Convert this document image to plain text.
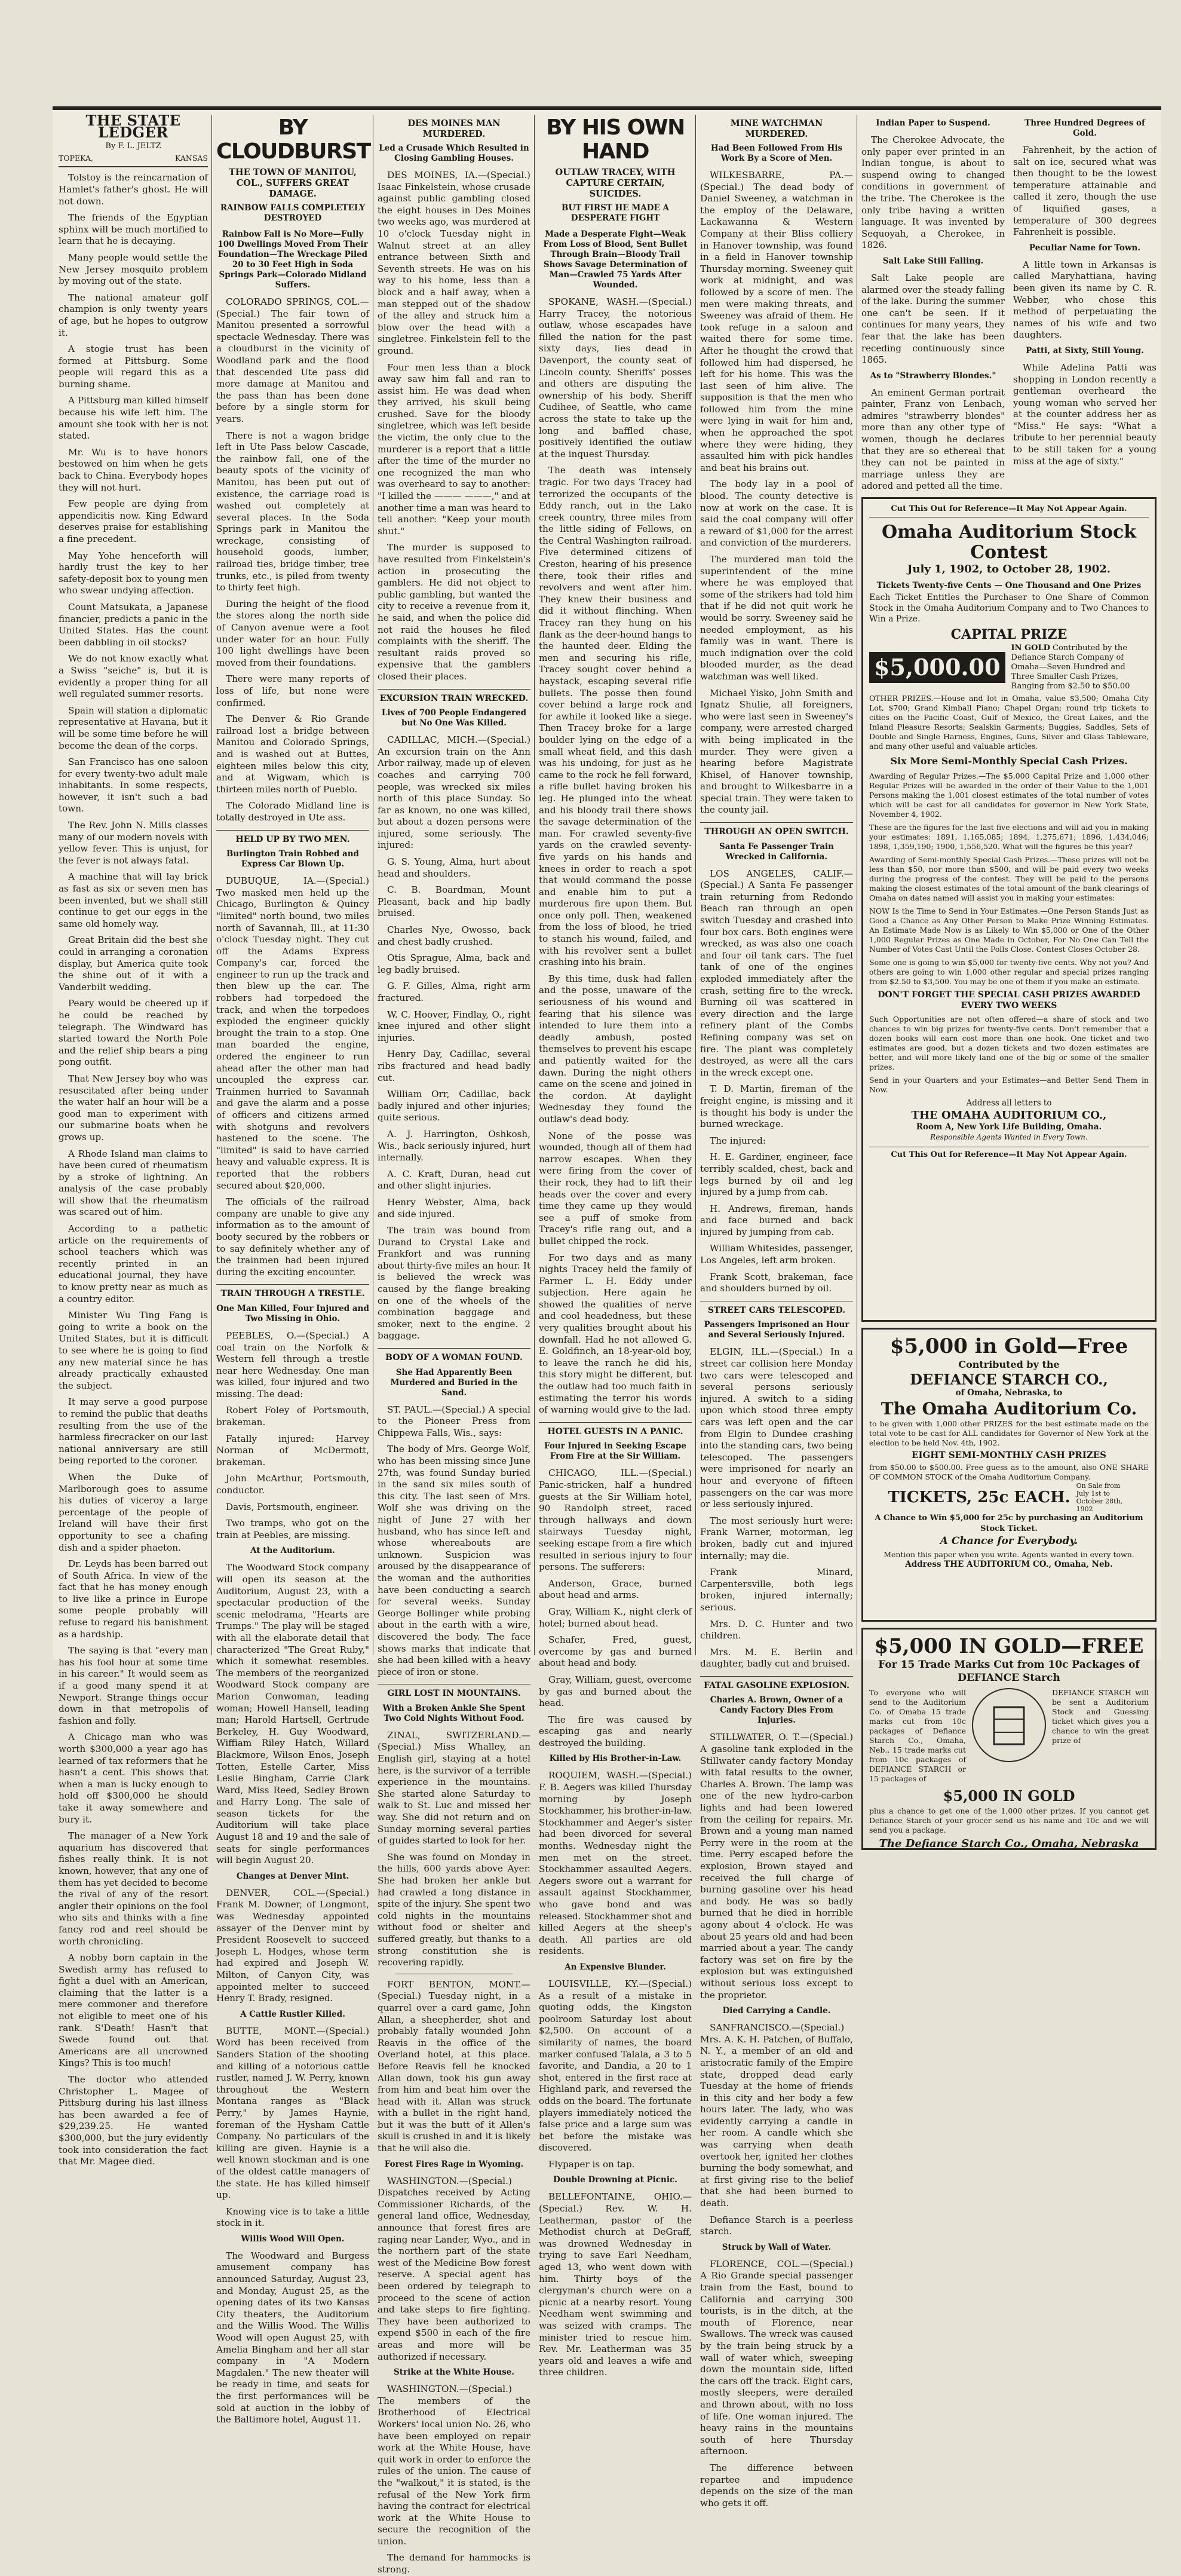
THE STATE LEDGER
By F. L. JELTZ
TOPEKA,	KANSAS

Tolstoy is the reincarnation of Hamlet's father's ghost. He will not down.

The friends of the Egyptian sphinx will be much mortified to learn that he is decaying.

Many people would settle the New Jersey mosquito problem by moving out of the state.

The national amateur golf champion is only twenty years of age, but he hopes to outgrow it.

A stogie trust has been formed at Pittsburg. Some people will regard this as a burning shame.

A Pittsburg man killed himself because his wife left him. The amount she took with her is not stated.

Mr. Wu is to have honors bestowed on him when he gets back to China. Everybody hopes they will not hurt.

Few people are dying from appendicitis now. King Edward deserves praise for establishing a fine precedent.

May Yohe henceforth will hardly trust the key to her safety-deposit box to young men who swear undying affection.

Count Matsukata, a Japanese financier, predicts a panic in the United States. Has the count been dabbling in oil stocks?

We do not know exactly what a Swiss "seiche" is, but it is evidently a proper thing for all well regulated summer resorts.

Spain will station a diplomatic representative at Havana, but it will be some time before he will become the dean of the corps.

San Francisco has one saloon for every twenty-two adult male inhabitants. In some respects, however, it isn't such a bad town.

The Rev. John N. Mills classes many of our modern novels with yellow fever. This is unjust, for the fever is not always fatal.

A machine that will lay brick as fast as six or seven men has been invented, but we shall still continue to get our eggs in the same old homely way.

Great Britain did the best she could in arranging a coronation display, but America quite took the shine out of it with a Vanderbilt wedding.

Peary would be cheered up if he could be reached by telegraph. The Windward has started toward the North Pole and the relief ship bears a ping pong outfit.

That New Jersey boy who was resuscitated after being under the water half an hour will be a good man to experiment with our submarine boats when he grows up.

A Rhode Island man claims to have been cured of rheumatism by a stroke of lightning. An analysis of the case probably will show that the rheumatism was scared out of him.

According to a pathetic article on the requirements of school teachers which was recently printed in an educational journal, they have to know pretty near as much as a country editor.

Minister Wu Ting Fang is going to write a book on the United States, but it is difficult to see where he is going to find any new material since he has already practically exhausted the subject.

It may serve a good purpose to remind the public that deaths resulting from the use of the harmless firecracker on our last national anniversary are still being reported to the coroner.

When the Duke of Marlborough goes to assume his duties of viceroy a large percentage of the people of Ireland will have their first opportunity to see a chafing dish and a spider phaeton.

Dr. Leyds has been barred out of South Africa. In view of the fact that he has money enough to live like a prince in Europe some people probably will refuse to regard his banishment as a hardship.

The saying is that "every man has his fool hour at some time in his career." It would seem as if a good many spend it at Newport. Strange things occur down in that metropolis of fashion and folly.

A Chicago man who was worth $300,000 a year ago has learned of tax reformers that he hasn't a cent. This shows that when a man is lucky enough to hold off $300,000 he should take it away somewhere and bury it.

The manager of a New York aquarium has discovered that fishes really think. It is not known, however, that any one of them has yet decided to become the rival of any of the resort angler their opinions on the fool who sits and thinks with a fine fancy rod and reel should be worth chronicling.

A nobby born captain in the Swedish army has refused to fight a duel with an American, claiming that the latter is a mere commoner and therefore not eligible to meet one of his rank. S'Death! Hasn't that Swede found out that Americans are all uncrowned Kings? This is too much!

The doctor who attended Christopher L. Magee of Pittsburg during his last illness has been awarded a fee of $29,239.25. He wanted $300,000, but the jury evidently took into consideration the fact that Mr. Magee died.

BY CLOUDBURST
THE TOWN OF MANITOU, COL., SUFFERS GREAT DAMAGE.
RAINBOW FALLS COMPLETELY DESTROYED
Rainbow Fall is No More—Fully 100 Dwellings Moved From Their Foundation—The Wreckage Piled 20 to 30 Feet High in Soda Springs Park—Colorado Midland Suffers.

COLORADO SPRINGS, COL.—(Special.) The fair town of Manitou presented a sorrowful spectacle Wednesday. There was a cloudburst in the vicinity of Woodland park and the flood that descended Ute pass did more damage at Manitou and the pass than has been done before by a single storm for years.

There is not a wagon bridge left in Ute Pass below Cascade, the rainbow fall, one of the beauty spots of the vicinity of Manitou, has been put out of existence, the carriage road is washed out completely at several places. In the Soda Springs park in Manitou the wreckage, consisting of household goods, lumber, railroad ties, bridge timber, tree trunks, etc., is piled from twenty to thirty feet high.

During the height of the flood the stores along the north side of Canyon avenue were a foot under water for an hour. Fully 100 light dwellings have been moved from their foundations.

There were many reports of loss of life, but none were confirmed.

The Denver & Rio Grande railroad lost a bridge between Manitou and Colorado Springs, and is washed out at Buttes, eighteen miles below this city, and at Wigwam, which is thirteen miles north of Pueblo.

The Colorado Midland line is totally destroyed in Ute ass.

HELD UP BY TWO MEN.
Burlington Train Robbed and Express Car Blown Up.

DUBUQUE, IA.—(Special.) Two masked men held up the Chicago, Burlington & Quincy "limited" north bound, two miles north of Savannah, Ill., at 11:30 o'clock Tuesday night. They cut off the Adams Express Company's car, forced the engineer to run up the track and then blew up the car. The robbers had torpedoed the track, and when the torpedoes exploded the engineer quickly brought the train to a stop. One man boarded the engine, ordered the engineer to run ahead after the other man had uncoupled the express car. Trainmen hurried to Savannah and gave the alarm and a posse of officers and citizens armed with shotguns and revolvers hastened to the scene. The "limited" is said to have carried heavy and valuable express. It is reported that the robbers secured about $20,000.

The officials of the railroad company are unable to give any information as to the amount of booty secured by the robbers or to say definitely whether any of the trainmen had been injured during the exciting encounter.

TRAIN THROUGH A TRESTLE.
One Man Killed, Four Injured and Two Missing in Ohio.

PEEBLES, O.—(Special.) A coal train on the Norfolk & Western fell through a trestle near here Wednesday. One man was killed, four injured and two missing. The dead:

Robert Foley of Portsmouth, brakeman.

Fatally injured: Harvey Norman of McDermott, brakeman.

John McArthur, Portsmouth, conductor.

Davis, Portsmouth, engineer.

Two tramps, who got on the train at Peebles, are missing.

At the Auditorium.

The Woodward Stock company will open its season at the Auditorium, August 23, with a spectacular production of the scenic melodrama, "Hearts are Trumps." The play will be staged with all the elaborate detail that characterized "The Great Ruby," which it somewhat resembles. The members of the reorganized Woodward Stock company are Marion Conwoman, leading woman; Howell Hansell, leading man; Harold Hartsell, Gertrude Berkeley, H. Guy Woodward, Wiffiam Riley Hatch, Willard Blackmore, Wilson Enos, Joseph Totten, Estelle Carter, Miss Leslie Bingham, Carrie Clark Ward, Miss Reed, Sedley Brown and Harry Long. The sale of season tickets for the Auditorium will take place August 18 and 19 and the sale of seats for single performances will begin August 20.

Changes at Denver Mint.

DENVER, COL.—(Special.) Frank M. Downer, of Longmont, was Wednesday appointed assayer of the Denver mint by President Roosevelt to succeed Joseph L. Hodges, whose term had expired and Joseph W. Milton, of Canyon City, was appointed melter to succeed Henry T. Brady, resigned.

A Cattle Rustler Killed.

BUTTE, MONT.—(Special.) Word has been received from Sanders Station of the shooting and killing of a notorious cattle rustler, named J. W. Perry, known throughout the Western Montana ranges as "Black Perry," by James Haynie, foreman of the Hysham Cattle Company. No particulars of the killing are given. Haynie is a well known stockman and is one of the oldest cattle managers of the state. He has killed himself up.

Knowing vice is to take a little stock in it.

Willis Wood Will Open.

The Woodward and Burgess amusement company has announced Saturday, August 23, and Monday, August 25, as the opening dates of its two Kansas City theaters, the Auditorium and the Willis Wood. The Willis Wood will open August 25, with Amelia Bingham and her all star company in "A Modern Magdalen." The new theater will be ready in time, and seats for the first performances will be sold at auction in the lobby of the Baltimore hotel, August 11.

DES MOINES MAN MURDERED.
Led a Crusade Which Resulted in Closing Gambling Houses.

DES MOINES, IA.—(Special.) Isaac Finkelstein, whose crusade against public gambling closed the eight houses in Des Moines two weeks ago, was murdered at 10 o'clock Tuesday night in Walnut street at an alley entrance between Sixth and Seventh streets. He was on his way to his home, less than a block and a half away, when a man stepped out of the shadow of the alley and struck him a blow over the head with a singletree. Finkelstein fell to the ground.

Four men less than a block away saw him fall and ran to assist him. He was dead when they arrived, his skull being crushed. Save for the bloody singletree, which was left beside the victim, the only clue to the murderer is a report that a little after the time of the murder no one recognized the man who was overheard to say to another: "I killed the ——— ———," and at another time a man was heard to tell another: "Keep your mouth shut."

The murder is supposed to have resulted from Finkelstein's action in prosecuting the gamblers. He did not object to public gambling, but wanted the city to receive a revenue from it, he said, and when the police did not raid the houses he filed complaints with the sheriff. The resultant raids proved so expensive that the gamblers closed their places.

EXCURSION TRAIN WRECKED.
Lives of 700 People Endangered but No One Was Killed.

CADILLAC, MICH.—(Special.) An excursion train on the Ann Arbor railway, made up of eleven coaches and carrying 700 people, was wrecked six miles north of this place Sunday. So far as known, no one was killed, but about a dozen persons were injured, some seriously. The injured:

G. S. Young, Alma, hurt about head and shoulders.

C. B. Boardman, Mount Pleasant, back and hip badly bruised.

Charles Nye, Owosso, back and chest badly crushed.

Otis Sprague, Alma, back and leg badly bruised.

G. F. Gilles, Alma, right arm fractured.

W. C. Hoover, Findlay, O., right knee injured and other slight injuries.

Henry Day, Cadillac, several ribs fractured and head badly cut.

William Orr, Cadillac, back badly injured and other injuries; quite serious.

A. J. Harrington, Oshkosh, Wis., back seriously injured, hurt internally.

A. C. Kraft, Duran, head cut and other slight injuries.

Henry Webster, Alma, back and side injured.

The train was bound from Durand to Crystal Lake and Frankfort and was running about thirty-five miles an hour. It is believed the wreck was caused by the flange breaking on one of the wheels of the combination baggage and smoker, next to the engine. 2 baggage.

BODY OF A WOMAN FOUND.
She Had Apparently Been Murdered and Buried in the Sand.

ST. PAUL.—(Special.) A special to the Pioneer Press from Chippewa Falls, Wis., says:

The body of Mrs. George Wolf, who has been missing since June 27th, was found Sunday buried in the sand six miles south of this city. The last seen of Mrs. Wolf she was driving on the night of June 27 with her husband, who has since left and whose whereabouts are unknown. Suspicion was aroused by the disappearance of the woman and the authorities have been conducting a search for several weeks. Sunday George Bollinger while probing about in the earth with a wire, discovered the body. The face shows marks that indicate that she had been killed with a heavy piece of iron or stone.

GIRL LOST IN MOUNTAINS.
With a Broken Ankle She Spent Two Cold Nights Without Food.

ZINAL, SWITZERLAND.—(Special.) Miss Whalley, an English girl, staying at a hotel here, is the survivor of a terrible experience in the mountains. She started alone Saturday to walk to St. Luc and missed her way. She did not return and on Sunday morning several parties of guides started to look for her.

She was found on Monday in the hills, 600 yards above Ayer. She had broken her ankle but had crawled a long distance in spite of the injury. She spent two cold nights in the mountains without food or shelter and suffered greatly, but thanks to a strong constitution she is recovering rapidly.

FORT BENTON, MONT.—(Special.) Tuesday night, in a quarrel over a card game, John Allan, a sheepherder, shot and probably fatally wounded John Reavis in the office of the Overland hotel, at this place. Before Reavis fell he knocked Allan down, took his gun away from him and beat him over the head with it. Allan was struck with a bullet in the right hand, but it was the butt of it Allen's skull is crushed in and it is likely that he will also die.

Forest Fires Rage in Wyoming.

WASHINGTON.—(Special.) Dispatches received by Acting Commissioner Richards, of the general land office, Wednesday, announce that forest fires are raging near Lander, Wyo., and in the northern part of the state west of the Medicine Bow forest reserve. A special agent has been ordered by telegraph to proceed to the scene of action and take steps to fire fighting. They have been authorized to expend $500 in each of the fire areas and more will be authorized if necessary.

Strike at the White House.

WASHINGTON.—(Special.) The members of the Brotherhood of Electrical Workers' local union No. 26, who have been employed on repair work at the White House, have quit work in order to enforce the rules of the union. The cause of the "walkout," it is stated, is the refusal of the New York firm having the contract for electrical work at the White House to secure the recognition of the union.

The demand for hammocks is strong.

BY HIS OWN HAND
OUTLAW TRACEY, WITH CAPTURE CERTAIN, SUICIDES.
BUT FIRST HE MADE A DESPERATE FIGHT
Made a Desperate Fight—Weak From Loss of Blood, Sent Bullet Through Brain—Bloody Trail Shows Savage Determination of Man—Crawled 75 Yards After Wounded.

SPOKANE, WASH.—(Special.) Harry Tracey, the notorious outlaw, whose escapades have filled the nation for the past sixty days, lies dead in Davenport, the county seat of Lincoln county. Sheriffs' posses and others are disputing the ownership of his body. Sheriff Cudihee, of Seattle, who came across the state to take up the long and baffled chase, positively identified the outlaw at the inquest Thursday.

The death was intensely tragic. For two days Tracey had terrorized the occupants of the Eddy ranch, out in the Lako creek country, three miles from the little siding of Fellows, on the Central Washington railroad. Five determined citizens of Creston, hearing of his presence there, took their rifles and revolvers and went after him. They knew their business and did it without flinching. When Tracey ran they hung on his flank as the deer-hound hangs to the haunted deer. Elding the men and securing his rifle, Tracey sought cover behind a haystack, escaping several rifle bullets. The posse then found cover behind a large rock and for awhile it looked like a siege. Then Tracey broke for a large boulder lying on the edge of a small wheat field, and this dash was his undoing, for just as he came to the rock he fell forward, a rifle bullet having broken his leg. He plunged into the wheat and his bloody trail there shows the savage determination of the man. For crawled seventy-five yards on the crawled seventy-five yards on his hands and knees in order to reach a spot that would command the posse and enable him to put a murderous fire upon them. But once only poll. Then, weakened from the loss of blood, he tried to stanch his wound, failed, and with his revolver sent a bullet crashing into his brain.

By this time, dusk had fallen and the posse, unaware of the seriousness of his wound and fearing that his silence was intended to lure them into a deadly ambush, posted themselves to prevent his escape and patiently waited for the dawn. During the night others came on the scene and joined in the cordon. At daylight Wednesday they found the outlaw's dead body.

None of the posse was wounded, though all of them had narrow escapes. When they were firing from the cover of their rock, they had to lift their heads over the cover and every time they came up they would see a puff of smoke from Tracey's rifle rang out, and a bullet chipped the rock.

For two days and as many nights Tracey held the family of Farmer L. H. Eddy under subjection. Here again he showed the qualities of nerve and cool headedness, but these very qualities brought about his downfall. Had he not allowed G. E. Goldfinch, an 18-year-old boy, to leave the ranch he did his, this story might be different, but the outlaw had too much faith in estimating the terror his words of warning would give to the lad.

HOTEL GUESTS IN A PANIC.
Four Injured in Seeking Escape From Fire at the Sir William.

CHICAGO, ILL.—(Special.) Panic-stricken, half a hundred guests at the Sir William hotel, 90 Randolph street, raced through hallways and down stairways Tuesday night, seeking escape from a fire which resulted in serious injury to four persons. The sufferers:

Anderson, Grace, burned about head and arms.

Gray, William K., night clerk of hotel; burned about head.

Schafer, Fred, guest, overcome by gas and burned about head and body.

Gray, William, guest, overcome by gas and burned about the head.

The fire was caused by escaping gas and nearly destroyed the building.

Killed by His Brother-in-Law.

ROQUIEM, WASH.—(Special.) F. B. Aegers was killed Thursday morning by Joseph Stockhammer, his brother-in-law. Stockhammer and Aeger's sister had been divorced for several months. Wednesday night the men met on the street. Stockhammer assaulted Aegers. Aegers swore out a warrant for assault against Stockhammer, who gave bond and was released. Stockhammer shot and killed Aegers at the sheep's death. All parties are old residents.

An Expensive Blunder.

LOUISVILLE, KY.—(Special.) As a result of a mistake in quoting odds, the Kingston poolroom Saturday lost about $2,500. On account of a similarity of names, the board marker confused Talala, a 3 to 5 favorite, and Dandia, a 20 to 1 shot, entered in the first race at Highland park, and reversed the odds on the board. The fortunate players immediately noticed the false price and a large sum was bet before the mistake was discovered.

Flypaper is on tap.

Double Drowning at Picnic.

BELLEFONTAINE, OHIO.—(Special.) Rev. W. H. Leatherman, pastor of the Methodist church at DeGraff, was drowned Wednesday in trying to save Earl Needham, aged 13, who went down with him. Thirty boys of the clergyman's church were on a picnic at a nearby resort. Young Needham went swimming and was seized with cramps. The minister tried to rescue him. Rev. Mr. Leatherman was 35 years old and leaves a wife and three children.

MINE WATCHMAN MURDERED.
Had Been Followed From His Work By a Score of Men.

WILKESBARRE, PA.—(Special.) The dead body of Daniel Sweeney, a watchman in the employ of the Delaware, Lackawanna & Western Company at their Bliss colliery in Hanover township, was found in a field in Hanover township Thursday morning. Sweeney quit work at midnight, and was followed by a score of men. The men were making threats, and Sweeney was afraid of them. He took refuge in a saloon and waited there for some time. After he thought the crowd that followed him had dispersed, he left for his home. This was the last seen of him alive. The supposition is that the men who followed him from the mine were lying in wait for him and, when he approached the spot where they were hiding, they assaulted him with pick handles and beat his brains out.

The body lay in a pool of blood. The county detective is now at work on the case. It is said the coal company will offer a reward of $1,000 for the arrest and conviction of the murderers.

The murdered man told the superintendent of the mine where he was employed that some of the strikers had told him that if he did not quit work he would be sorry. Sweeney said he needed employment, as his family was in want. There is much indignation over the cold blooded murder, as the dead watchman was well liked.

Michael Yisko, John Smith and Ignatz Shulie, all foreigners, who were last seen in Sweeney's company, were arrested charged with being implicated in the murder. They were given a hearing before Magistrate Khisel, of Hanover township, and brought to Wilkesbarre in a special train. They were taken to the county jail.

THROUGH AN OPEN SWITCH.
Santa Fe Passenger Train Wrecked in California.

LOS ANGELES, CALIF.—(Special.) A Santa Fe passenger train returning from Redondo Beach ran through an open switch Tuesday and crashed into four box cars. Both engines were wrecked, as was also one coach and four oil tank cars. The fuel tank of one of the engines exploded immediately after the crash, setting fire to the wreck. Burning oil was scattered in every direction and the large refinery plant of the Combs Refining company was set on fire. The plant was completely destroyed, as were all the cars in the wreck except one.

T. D. Martin, fireman of the freight engine, is missing and it is thought his body is under the burned wreckage.

The injured:

H. E. Gardiner, engineer, face terribly scalded, chest, back and legs burned by oil and leg injured by a jump from cab.

H. Andrews, fireman, hands and face burned and back injured by jumping from cab.

William Whitesides, passenger, Los Angeles, left arm broken.

Frank Scott, brakeman, face and shoulders burned by oil.

STREET CARS TELESCOPED.
Passengers Imprisoned an Hour and Several Seriously Injured.

ELGIN, ILL.—(Special.) In a street car collision here Monday two cars were telescoped and several persons seriously injured. A switch to a siding upon which stood three empty cars was left open and the car from Elgin to Dundee crashing into the standing cars, two being telescoped. The passengers were imprisoned for nearly an hour and everyone of fifteen passengers on the car was more or less seriously injured.

The most seriously hurt were: Frank Warner, motorman, leg broken, badly cut and injured internally; may die.

Frank Minard, Carpentersville, both legs broken, injured internally; serious.

Mrs. D. C. Hunter and two children.

Mrs. M. E. Berlin and daughter, badly cut and bruised.

FATAL GASOLINE EXPLOSION.
Charles A. Brown, Owner of a Candy Factory Dies From Injuries.

STILLWATER, O. T.—(Special.) A gasoline tank exploded in the Stillwater candy factory Monday with fatal results to the owner, Charles A. Brown. The lamp was one of the new hydro-carbon lights and had been lowered from the ceiling for repairs. Mr. Brown and a young man named Perry were in the room at the time. Perry escaped before the explosion, Brown stayed and received the full charge of burning gasoline over his head and body. He was so badly burned that he died in horrible agony about 4 o'clock. He was about 25 years old and had been married about a year. The candy factory was set on fire by the explosion but was extinguished without serious loss except to the proprietor.

Died Carrying a Candle.

SANFRANCISCO.—(Special.) Mrs. A. K. H. Patchen, of Buffalo, N. Y., a member of an old and aristocratic family of the Empire state, dropped dead early Tuesday at the home of friends in this city and her body a few hours later. The lady, who was evidently carrying a candle in her room. A candle which she was carrying when death overtook her, ignited her clothes burning the body somewhat, and at first giving rise to the belief that she had been burned to death.

Defiance Starch is a peerless starch.

Struck by Wall of Water.

FLORENCE, COL.—(Special.) A Rio Grande special passenger train from the East, bound to California and carrying 300 tourists, is in the ditch, at the mouth of Florence, near Swallows. The wreck was caused by the train being struck by a wall of water which, sweeping down the mountain side, lifted the cars off the track. Eight cars, mostly sleepers, were derailed and thrown about, with no loss of life. One woman injured. The heavy rains in the mountains south of here Thursday afternoon.

The difference between repartee and impudence depends on the size of the man who gets it off.

Indian Paper to Suspend.

The Cherokee Advocate, the only paper ever printed in an Indian tongue, is about to suspend owing to changed conditions in government of the tribe. The Cherokee is the only tribe having a written language. It was invented by Sequoyah, a Cherokee, in 1826.

Salt Lake Still Falling.

Salt Lake people are alarmed over the steady falling of the lake. During the summer one can't be seen. If it continues for many years, they fear that the lake has been receding continuously since 1865.

As to "Strawberry Blondes."

An eminent German portrait painter, Franz von Lenbach, admires "strawberry blondes" more than any other type of women, though he declares that they are so ethereal that they can not be painted in marriage unless they are adored and petted all the time.

Three Hundred Degrees of Gold.

Fahrenheit, by the action of salt on ice, secured what was then thought to be the lowest temperature attainable and called it zero, though the use of liquified gases, a temperature of 300 degrees Fahrenheit is possible.

Peculiar Name for Town.

A little town in Arkansas is called Maryhattiana, having been given its name by C. R. Webber, who chose this method of perpetuating the names of his wife and two daughters.

Patti, at Sixty, Still Young.

While Adelina Patti was shopping in London recently a gentleman overheard the young woman who served her at the counter address her as "Miss." He says: "What a tribute to her perennial beauty to be still taken for a young miss at the age of sixty."

Cut This Out for Reference—It May Not Appear Again.
Omaha Auditorium Stock Contest
July 1, 1902, to October 28, 1902.
Tickets Twenty-five Cents — One Thousand and One Prizes
Each Ticket Entitles the Purchaser to One Share of Common Stock in the Omaha Auditorium Company and to Two Chances to Win a Prize.
CAPITAL PRIZE
$5,000.00
IN GOLD Contributed by the Defiance Starch Company of Omaha—Seven Hundred and Three Smaller Cash Prizes, Ranging from $2.50 to $50.00
OTHER PRIZES.—House and lot in Omaha, value $3,500; Omaha City Lot, $700; Grand Kimball Piano; Chapel Organ; round trip tickets to cities on the Pacific Coast, Gulf of Mexico, the Great Lakes, and the Inland Pleasure Resorts; Sealskin Garments; Buggies, Saddles, Sets of Double and Single Harness, Engines, Guns, Silver and Glass Tableware, and many other useful and valuable articles.
Six More Semi-Monthly Special Cash Prizes.
Awarding of Regular Prizes.—The $5,000 Capital Prize and 1,000 other Regular Prizes will be awarded in the order of their Value to the 1,001 Persons making the 1,001 closest estimates of the total number of votes which will be cast for all candidates for governor in New York State, November 4, 1902.
These are the figures for the last five elections and will aid you in making your estimates: 1891, 1,165,085; 1894, 1,275,671; 1896, 1,434,046; 1898, 1,359,190; 1900, 1,556,520. What will the figures be this year?
Awarding of Semi-monthly Special Cash Prizes.—These prizes will not be less than $50, nor more than $500, and will be paid every two weeks during the progress of the contest. They will be paid to the persons making the closest estimates of the total amount of the bank clearings of Omaha on dates named will assist you in making your estimates:
NOW Is the Time to Send in Your Estimates.—One Person Stands Just as Good a Chance as Any Other Person to Make Prize Winning Estimates. An Estimate Made Now is as Likely to Win $5,000 or One of the Other 1,000 Regular Prizes as One Made in October, For No One Can Tell the Number of Votes Cast Until the Polls Close. Contest Closes October 28.
Some one is going to win $5,000 for twenty-five cents. Why not you? And others are going to win 1,000 other regular and special prizes ranging from $2.50 to $3,500. You may be one of them if you make an estimate.
DON'T FORGET THE SPECIAL CASH PRIZES AWARDED EVERY TWO WEEKS
Such Opportunities are not often offered—a share of stock and two chances to win big prizes for twenty-five cents. Don't remember that a dozen books will earn cost more than one hook. One ticket and two estimates are good, but a dozen tickets and two dozen estimates are better, and will more likely land one of the big or some of the smaller prizes.
Send in your Quarters and your Estimates—and Better Send Them in Now.
Address all letters to
THE OMAHA AUDITORIUM CO.,
Room A, New York Life Building, Omaha.
Responsible Agents Wanted in Every Town.
Cut This Out for Reference—It May Not Appear Again.
$5,000 in Gold—Free
Contributed by the
DEFIANCE STARCH CO.,
of Omaha, Nebraska, to
The Omaha Auditorium Co.
to be given with 1,000 other PRIZES for the best estimate made on the total vote to be cast for ALL candidates for Governor of New York at the election to be held Nov. 4th, 1902.
EIGHT SEMI-MONTHLY CASH PRIZES
from $50.00 to $500.00. Free guess as to the amount, also ONE SHARE OF COMMON STOCK of the Omaha Auditorium Company.
TICKETS, 25c EACH.
On Sale from July 1st to October 28th, 1902
A Chance to Win $5,000 for 25c by purchasing an Auditorium Stock Ticket.
A Chance for Everybody.
Mention this paper when you write. Agents wanted in every town.
Address THE AUDITORIUM CO., Omaha, Neb.
$5,000 IN GOLD—FREE
For 15 Trade Marks Cut from 10c Packages of DEFIANCE Starch
To everyone who will send to the Auditorium Co. of Omaha 15 trade marks cut from 10c packages of Defiance Starch Co., Omaha, Neb., 15 trade marks cut from 10c packages of DEFIANCE STARCH or 15 packages of
DEFIANCE STARCH will be sent a Auditorium Stock and Guessing ticket which gives you a chance to win the great prize of
$5,000 IN GOLD
plus a chance to get one of the 1,000 other prizes. If you cannot get Defiance Starch of your grocer send us his name and 10c and we will send you a package.
The Defiance Starch Co., Omaha, Nebraska
